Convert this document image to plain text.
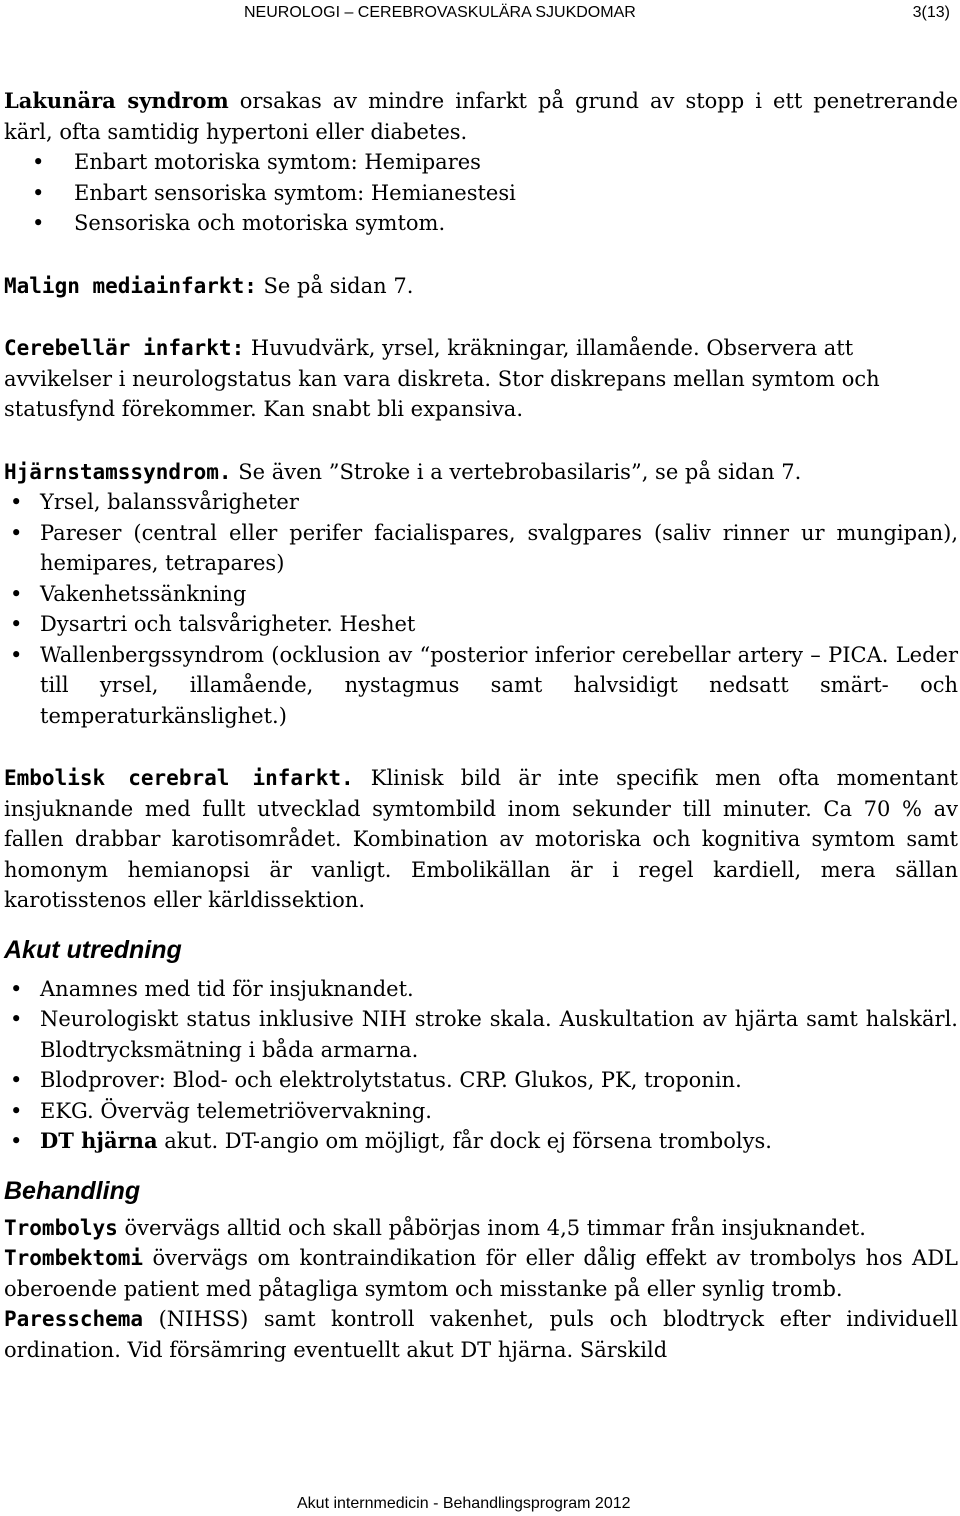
NEUROLOGI – CEREBROVASKULÄRA SJUKDOMAR	3(13)

Lakunära syndrom orsakas av mindre infarkt på grund av stopp i ett penetrerande kärl, ofta samtidig hypertoni eller diabetes.

• Enbart motoriska symtom: Hemipares
• Enbart sensoriska symtom: Hemianestesi
• Sensoriska och motoriska symtom.

Malign mediainfarkt: Se på sidan 7.

Cerebellär infarkt: Huvudvärk, yrsel, kräkningar, illamående. Observera att avvikelser i neurologstatus kan vara diskreta. Stor diskrepans mellan symtom och statusfynd förekommer. Kan snabt bli expansiva.

Hjärnstamssyndrom. Se även ”Stroke i a vertebrobasilaris”, se på sidan 7.

• Yrsel, balanssvårigheter
• Pareser (central eller perifer facialispares, svalgpares (saliv rinner ur mungipan), hemipares, tetrapares)
• Vakenhetssänkning
• Dysartri och talsvårigheter. Heshet
• Wallenbergssyndrom (ocklusion av “posterior inferior cerebellar artery – PICA. Leder till yrsel, illamående, nystagmus samt halvsidigt nedsatt smärt- och temperaturkänslighet.)

Embolisk cerebral infarkt. Klinisk bild är inte specifik men ofta momentant insjuknande med fullt utvecklad symtombild inom sekunder till minuter. Ca 70 % av fallen drabbar karotisområdet. Kombination av motoriska och kognitiva symtom samt homonym hemianopsi är vanligt. Embolikällan är i regel kardiell, mera sällan karotisstenos eller kärldissektion.

Akut utredning
• Anamnes med tid för insjuknandet.
• Neurologiskt status inklusive NIH stroke skala. Auskultation av hjärta samt halskärl. Blodtrycksmätning i båda armarna.
• Blodprover: Blod- och elektrolytstatus. CRP. Glukos, PK, troponin.
• EKG. Överväg telemetriövervakning.
• DT hjärna akut. DT-angio om möjligt, får dock ej försena trombolys.
Behandling

Trombolys övervägs alltid och skall påbörjas inom 4,5 timmar från insjuknandet.

Trombektomi övervägs om kontraindikation för eller dålig effekt av trombolys hos ADL oberoende patient med påtagliga symtom och misstanke på eller synlig tromb.

Paresschema (NIHSS) samt kontroll vakenhet, puls och blodtryck efter individuell ordination. Vid försämring eventuellt akut DT hjärna. Särskild

Akut internmedicin - Behandlingsprogram 2012
